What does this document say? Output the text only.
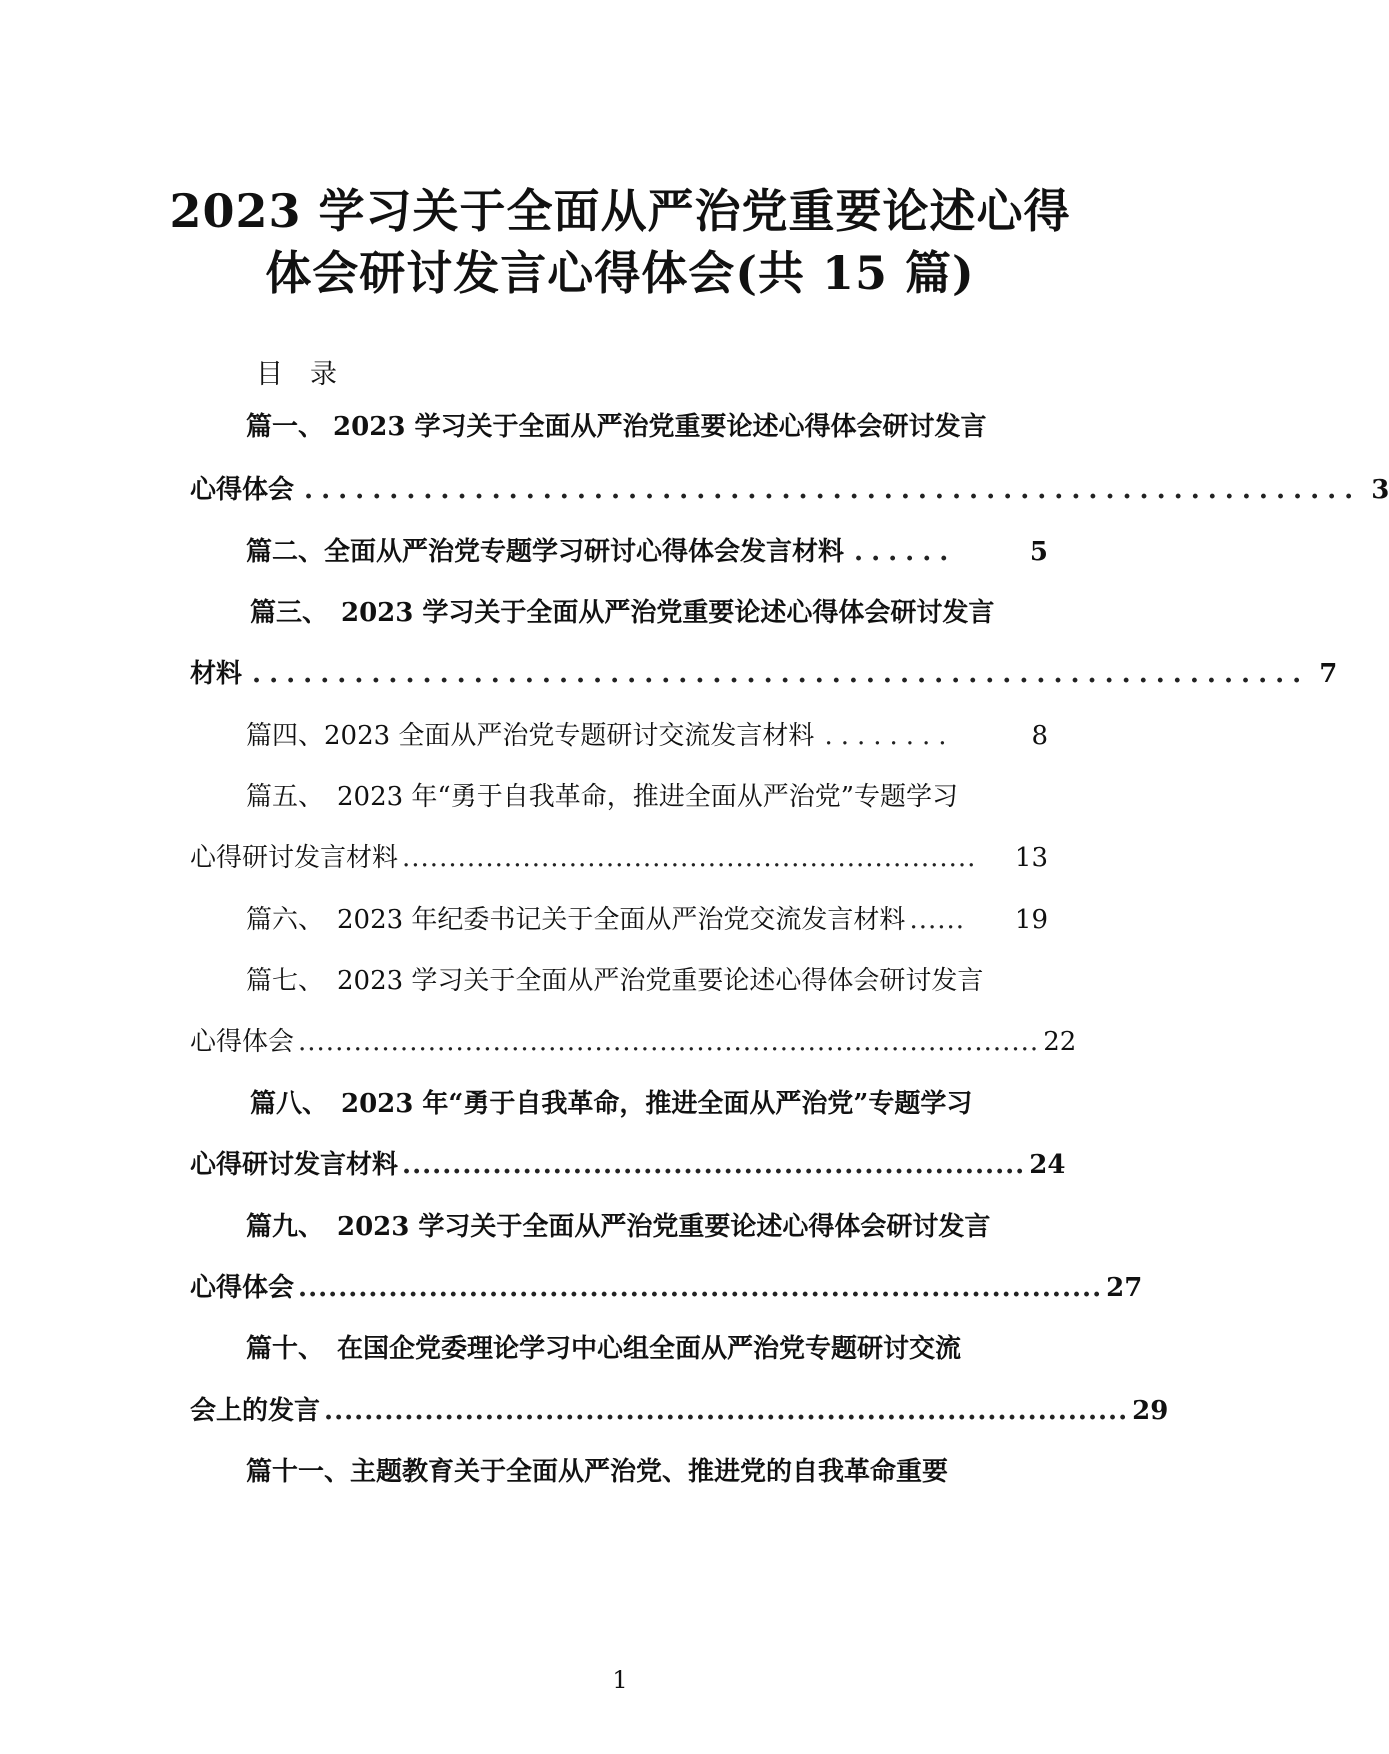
2023 学习关于全面从严治党重要论述心得
体会研讨发言心得体会(共 15 篇)
目　录
篇一、 2023 学习关于全面从严治党重要论述心得体会研讨发言
心得体会 .............................................................. 3
篇二、全面从严治党专题学习研讨心得体会发言材料 ......	5
篇三、　2023 学习关于全面从严治党重要论述心得体会研讨发言
材料 .............................................................. 7
篇四、2023 全面从严治党专题研讨交流发言材料 ........	8
篇五、　2023 年“勇于自我革命，推进全面从严治党”专题学习
心得研讨发言材料 ..............................................................	13
篇六、　2023 年纪委书记关于全面从严治党交流发言材料 ......	19
篇七、　2023 学习关于全面从严治党重要论述心得体会研讨发言
心得体会 ................................................................................ 22
篇八、　2023 年“勇于自我革命，推进全面从严治党”专题学习
心得研讨发言材料 .............................................................. 24
篇九、　2023 学习关于全面从严治党重要论述心得体会研讨发言
心得体会 ................................................................................ 27
篇十、　在国企党委理论学习中心组全面从严治党专题研讨交流
会上的发言 ................................................................................ 29
篇十一、主题教育关于全面从严治党、推进党的自我革命重要
1
